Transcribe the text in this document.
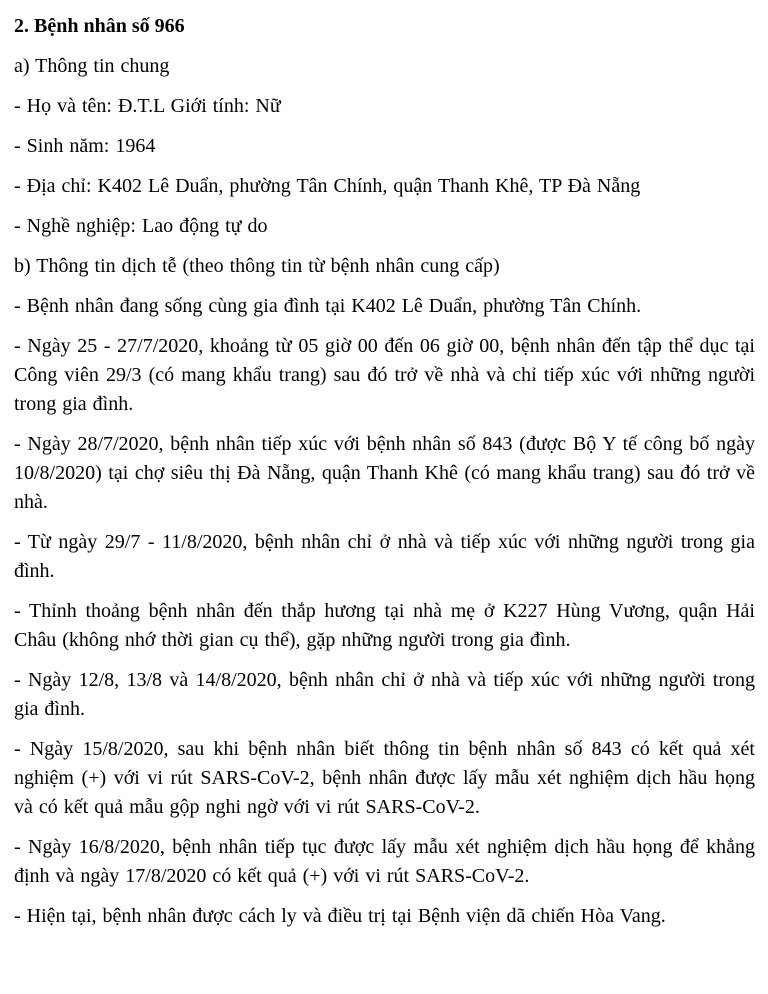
2. Bệnh nhân số 966

a) Thông tin chung

- Họ và tên: Đ.T.L Giới tính: Nữ

- Sinh năm: 1964

- Địa chỉ: K402 Lê Duẩn, phường Tân Chính, quận Thanh Khê, TP Đà Nẵng

- Nghề nghiệp: Lao động tự do

b) Thông tin dịch tễ (theo thông tin từ bệnh nhân cung cấp)

- Bệnh nhân đang sống cùng gia đình tại K402 Lê Duẩn, phường Tân Chính.

- Ngày 25 - 27/7/2020, khoảng từ 05 giờ 00 đến 06 giờ 00, bệnh nhân đến tập thể dục tại Công viên 29/3 (có mang khẩu trang) sau đó trở về nhà và chỉ tiếp xúc với những người trong gia đình.

- Ngày 28/7/2020, bệnh nhân tiếp xúc với bệnh nhân số 843 (được Bộ Y tế công bố ngày 10/8/2020) tại chợ siêu thị Đà Nẵng, quận Thanh Khê (có mang khẩu trang) sau đó trở về nhà.

- Từ ngày 29/7 - 11/8/2020, bệnh nhân chỉ ở nhà và tiếp xúc với những người trong gia đình.

- Thỉnh thoảng bệnh nhân đến thắp hương tại nhà mẹ ở K227 Hùng Vương, quận Hải Châu (không nhớ thời gian cụ thể), gặp những người trong gia đình.

- Ngày 12/8, 13/8 và 14/8/2020, bệnh nhân chỉ ở nhà và tiếp xúc với những người trong gia đình.

- Ngày 15/8/2020, sau khi bệnh nhân biết thông tin bệnh nhân số 843 có kết quả xét nghiệm (+) với vi rút SARS-CoV-2, bệnh nhân được lấy mẫu xét nghiệm dịch hầu họng và có kết quả mẫu gộp nghi ngờ với vi rút SARS-CoV-2.

- Ngày 16/8/2020, bệnh nhân tiếp tục được lấy mẫu xét nghiệm dịch hầu họng để khẳng định và ngày 17/8/2020 có kết quả (+) với vi rút SARS-CoV-2.

- Hiện tại, bệnh nhân được cách ly và điều trị tại Bệnh viện dã chiến Hòa Vang.
